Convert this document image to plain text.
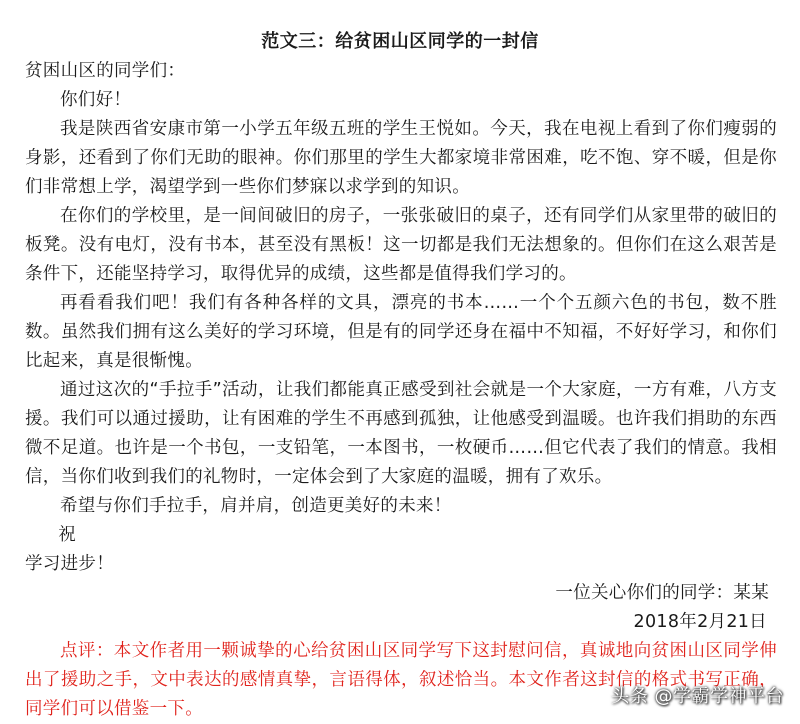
范文三：给贫困山区同学的一封信

贫困山区的同学们：

你们好！

我是陕西省安康市第一小学五年级五班的学生王悦如。今天，我在电视上看到了你们瘦弱的身影，还看到了你们无助的眼神。你们那里的学生大都家境非常困难，吃不饱、穿不暖，但是你们非常想上学，渴望学到一些你们梦寐以求学到的知识。

在你们的学校里，是一间间破旧的房子，一张张破旧的桌子，还有同学们从家里带的破旧的板凳。没有电灯，没有书本，甚至没有黑板！这一切都是我们无法想象的。但你们在这么艰苦是条件下，还能坚持学习，取得优异的成绩，这些都是值得我们学习的。

再看看我们吧！我们有各种各样的文具，漂亮的书本……一个个五颜六色的书包，数不胜数。虽然我们拥有这么美好的学习环境，但是有的同学还身在福中不知福，不好好学习，和你们比起来，真是很惭愧。

通过这次的“手拉手”活动，让我们都能真正感受到社会就是一个大家庭，一方有难，八方支援。我们可以通过援助，让有困难的学生不再感到孤独，让他感受到温暖。也许我们捐助的东西微不足道。也许是一个书包，一支铅笔，一本图书，一枚硬币……但它代表了我们的情意。我相信，当你们收到我们的礼物时，一定体会到了大家庭的温暖，拥有了欢乐。

希望与你们手拉手，肩并肩，创造更美好的未来！

祝

学习进步！

一位关心你们的同学：某某

2018年2月21日

点评：本文作者用一颗诚挚的心给贫困山区同学写下这封慰问信，真诚地向贫困山区同学伸出了援助之手，文中表达的感情真挚，言语得体，叙述恰当。本文作者这封信的格式书写正确，同学们可以借鉴一下。

头条 @学霸学神平台
